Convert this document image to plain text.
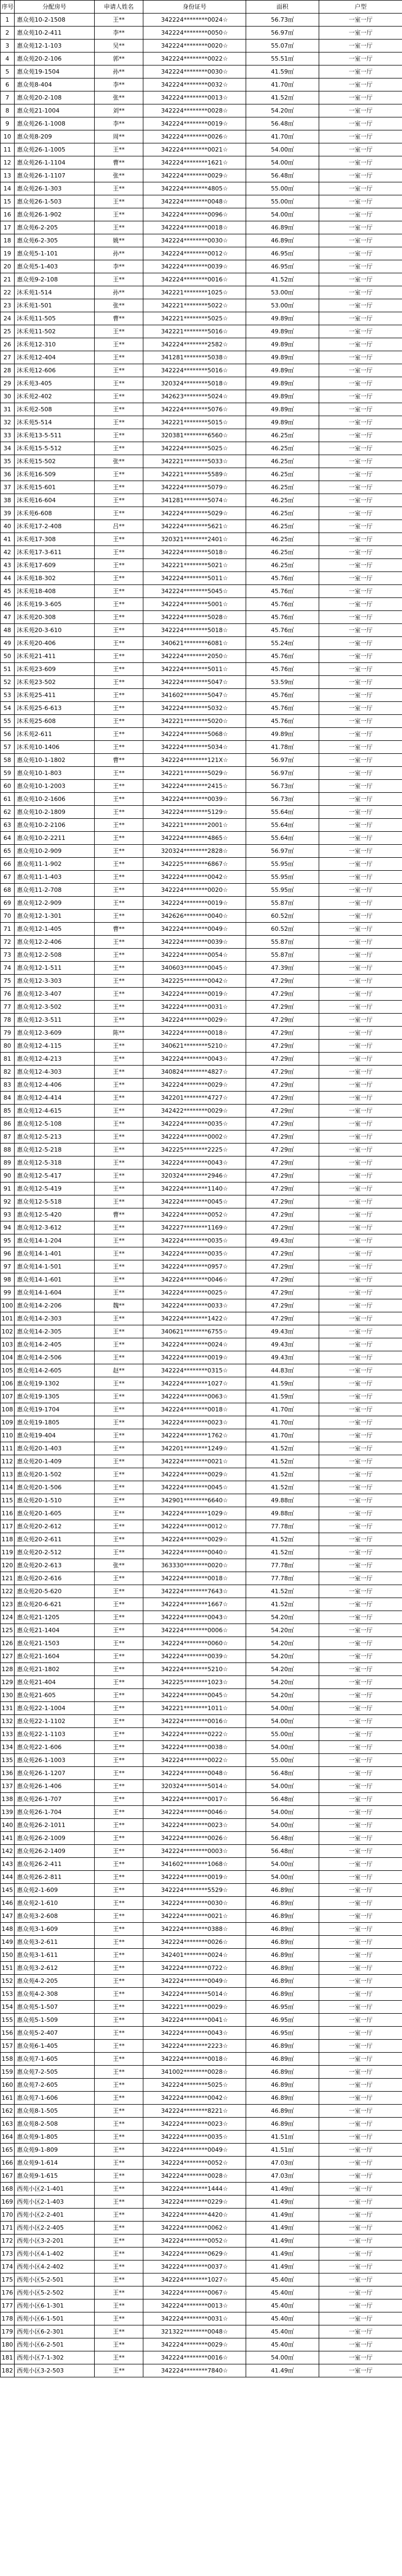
序号	分配房号	申请人姓名	身份证号	面积	户型
1	惠众苑10-2-1508	王**	342224********0024☆	56.73㎡	一室一厅
2	惠众苑10-2-411	李**	342224********0050☆	56.97㎡	一室一厅
3	惠众苑12-1-103	吴**	342224********0020☆	55.07㎡	一室一厅
4	惠众苑20-2-106	郭**	342224********0022☆	55.51㎡	一室一厅
5	惠众苑19-1504	孙**	342224********0030☆	41.59㎡	一室一厅
6	惠众苑8-404	李**	342224********0032☆	41.70㎡	一室一厅
7	惠众苑20-2-108	张**	342224********0013☆	41.52㎡	一室一厅
8	惠众苑21-1004	刘**	342224********0028☆	54.20㎡	一室一厅
9	惠众苑26-1-1008	李**	342224********0019☆	56.48㎡	一室一厅
10	惠众苑8-209	周**	342224********0026☆	41.70㎡	一室一厅
11	惠众苑26-1-1005	王**	342224********0021☆	54.00㎡	一室一厅
12	惠众苑26-1-1104	曹**	342224********1621☆	54.00㎡	一室一厅
13	惠众苑26-1-1107	张**	342224********0029☆	56.48㎡	一室一厅
14	惠众苑26-1-303	王**	342224********4805☆	55.00㎡	一室一厅
15	惠众苑26-1-503	王**	342224********0048☆	55.00㎡	一室一厅
16	惠众苑26-1-902	王**	342224********0096☆	54.00㎡	一室一厅
17	惠众苑6-2-205	王**	342224********0018☆	46.89㎡	一室一厅
18	惠众苑6-2-305	姚**	342224********0030☆	46.89㎡	一室一厅
19	惠众苑5-1-101	孙**	342224********0012☆	46.95㎡	一室一厅
20	惠众苑5-1-403	李**	342224********0039☆	46.95㎡	一室一厅
21	惠众苑9-2-108	王**	342224********0016☆	41.52㎡	一室一厅
22	沐禾苑1-514	孙**	342221********1025☆	53.00㎡	一室一厅
23	沐禾苑1-501	张**	342221********5022☆	53.00㎡	一室一厅
24	沐禾苑11-505	曹**	342221********5025☆	49.89㎡	一室一厅
25	沐禾苑11-502	王**	342221********5016☆	49.89㎡	一室一厅
26	沐禾苑12-310	王**	342224********2582☆	49.89㎡	一室一厅
27	沐禾苑12-404	王**	341281********5038☆	49.89㎡	一室一厅
28	沐禾苑12-606	王**	342224********5016☆	49.89㎡	一室一厅
29	沐禾苑3-405	王**	320324********5018☆	49.89㎡	一室一厅
30	沐禾苑2-402	王**	342623********5024☆	49.89㎡	一室一厅
31	沐禾苑2-508	王**	342224********5076☆	49.89㎡	一室一厅
32	沐禾苑5-514	王**	342221********5015☆	49.89㎡	一室一厅
33	沐禾苑13-5-511	王**	320381********6560☆	46.25㎡	一室一厅
34	沐禾苑15-5-512	王**	342224********5025☆	46.25㎡	一室一厅
35	沐禾苑15-502	张**	342221********5033☆	46.25㎡	一室一厅
36	沐禾苑16-509	王**	342221********5589☆	46.25㎡	一室一厅
37	沐禾苑15-601	王**	342224********5079☆	46.25㎡	一室一厅
38	沐禾苑16-604	王**	341281********5074☆	46.25㎡	一室一厅
39	沐禾苑6-608	王**	342224********5029☆	46.25㎡	一室一厅
40	沐禾苑17-2-408	吕**	342224********5621☆	46.25㎡	一室一厅
41	沐禾苑17-308	王**	320321********2401☆	46.25㎡	一室一厅
42	沐禾苑17-3-611	王**	342224********5018☆	46.25㎡	一室一厅
43	沐禾苑17-609	王**	342221********5021☆	46.25㎡	一室一厅
44	沐禾苑18-302	王**	342224********5011☆	45.76㎡	一室一厅
45	沐禾苑18-408	王**	342224********5045☆	45.76㎡	一室一厅
46	沐禾苑19-3-605	王**	342224********5001☆	45.76㎡	一室一厅
47	沐禾苑20-308	王**	342224********5028☆	45.76㎡	一室一厅
48	沐禾苑20-3-610	王**	342224********5018☆	45.76㎡	一室一厅
49	沐禾苑20-406	王**	340621********6081☆	55.24㎡	一室一厅
50	沐禾苑21-411	王**	342224********2050☆	45.76㎡	一室一厅
51	沐禾苑23-609	王**	342224********5011☆	45.76㎡	一室一厅
52	沐禾苑23-502	王**	342224********5047☆	53.59㎡	一室一厅
53	沐禾苑25-411	王**	341602********5047☆	45.76㎡	一室一厅
54	沐禾苑25-6-613	王**	342224********5032☆	45.76㎡	一室一厅
55	沐禾苑25-608	王**	342221********5020☆	45.76㎡	一室一厅
56	沐禾苑2-611	王**	342224********5068☆	49.89㎡	一室一厅
57	沐禾苑10-1406	王**	342224********5034☆	41.78㎡	一室一厅
58	惠众苑10-1-1802	曹**	342224********121X☆	56.97㎡	一室一厅
59	惠众苑10-1-803	王**	342221********5029☆	56.97㎡	一室一厅
60	惠众苑10-1-2003	王**	342224********2415☆	56.73㎡	一室一厅
61	惠众苑10-2-1606	王**	342224********0039☆	56.73㎡	一室一厅
62	惠众苑10-2-1809	王**	342224********5129☆	55.64㎡	一室一厅
63	惠众苑10-2-2106	王**	342221********2001☆	55.64㎡	一室一厅
64	惠众苑10-2-2211	王**	342224********4865☆	55.64㎡	一室一厅
65	惠众苑10-2-909	王**	320324********2828☆	56.97㎡	一室一厅
66	惠众苑11-1-902	王**	342225********6867☆	55.95㎡	一室一厅
67	惠众苑11-1-403	王**	342224********0042☆	55.95㎡	一室一厅
68	惠众苑11-2-708	王**	342224********0020☆	55.95㎡	一室一厅
69	惠众苑12-2-909	王**	342224********0019☆	55.87㎡	一室一厅
70	惠众苑12-1-301	王**	342626********0040☆	60.52㎡	一室一厅
71	惠众苑12-1-405	曹**	342224********0049☆	60.52㎡	一室一厅
72	惠众苑12-2-406	王**	342224********0039☆	55.87㎡	一室一厅
73	惠众苑12-2-508	王**	342224********0054☆	55.87㎡	一室一厅
74	惠众苑12-1-511	王**	340603********0045☆	47.39㎡	一室一厅
75	惠众苑12-3-303	王**	342225********0042☆	47.29㎡	一室一厅
76	惠众苑12-3-407	王**	342224********0019☆	47.29㎡	一室一厅
77	惠众苑12-3-502	王**	342224********0031☆	47.29㎡	一室一厅
78	惠众苑12-3-511	王**	342224********0029☆	47.29㎡	一室一厅
79	惠众苑12-3-609	陈**	342224********0018☆	47.29㎡	一室一厅
80	惠众苑12-4-115	王**	340621********5210☆	47.29㎡	一室一厅
81	惠众苑12-4-213	王**	342224********0043☆	47.29㎡	一室一厅
82	惠众苑12-4-303	王**	340824********4827☆	47.29㎡	一室一厅
83	惠众苑12-4-406	王**	342224********0029☆	47.29㎡	一室一厅
84	惠众苑12-4-414	王**	342201********4727☆	47.29㎡	一室一厅
85	惠众苑12-4-615	王**	342422********0029☆	47.29㎡	一室一厅
86	惠众苑12-5-108	王**	342224********0035☆	47.29㎡	一室一厅
87	惠众苑12-5-213	王**	342224********0002☆	47.29㎡	一室一厅
88	惠众苑12-5-218	王**	342225********2225☆	47.29㎡	一室一厅
89	惠众苑12-5-318	王**	342224********0043☆	47.29㎡	一室一厅
90	惠众苑12-5-417	王**	320324********2946☆	47.29㎡	一室一厅
91	惠众苑12-5-419	王**	342224********1140☆	47.29㎡	一室一厅
92	惠众苑12-5-518	王**	342224********0045☆	47.29㎡	一室一厅
93	惠众苑12-5-420	曹**	342224********0052☆	47.29㎡	一室一厅
94	惠众苑12-3-612	王**	342227********1169☆	47.29㎡	一室一厅
95	惠众苑14-1-204	王**	342224********0035☆	49.43㎡	一室一厅
96	惠众苑14-1-401	王**	342224********0035☆	47.29㎡	一室一厅
97	惠众苑14-1-501	王**	342224********0957☆	47.29㎡	一室一厅
98	惠众苑14-1-601	王**	342224********0046☆	47.29㎡	一室一厅
99	惠众苑14-1-604	王**	342224********0025☆	47.29㎡	一室一厅
100	惠众苑14-2-206	魏**	342224********0033☆	47.29㎡	一室一厅
101	惠众苑14-2-303	王**	342224********1422☆	47.29㎡	一室一厅
102	惠众苑14-2-305	王**	340621********6755☆	49.43㎡	一室一厅
103	惠众苑14-2-405	王**	342224********0024☆	49.43㎡	一室一厅
104	惠众苑14-2-506	王**	342224********0019☆	49.43㎡	一室一厅
105	惠众苑14-2-605	赵**	342224********0315☆	44.83㎡	一室一厅
106	惠众苑19-1302	王**	342224********1027☆	41.59㎡	一室一厅
107	惠众苑19-1305	王**	342224********0063☆	41.59㎡	一室一厅
108	惠众苑19-1704	王**	342224********0018☆	41.70㎡	一室一厅
109	惠众苑19-1805	王**	342224********0023☆	41.70㎡	一室一厅
110	惠众苑19-404	王**	342224********1762☆	41.70㎡	一室一厅
111	惠众苑20-1-403	王**	342201********1249☆	41.52㎡	一室一厅
112	惠众苑20-1-409	王**	342224********0021☆	41.52㎡	一室一厅
113	惠众苑20-1-502	王**	342224********0029☆	41.52㎡	一室一厅
114	惠众苑20-1-506	王**	342224********0045☆	41.52㎡	一室一厅
115	惠众苑20-1-510	王**	342901********6640☆	49.88㎡	一室一厅
116	惠众苑20-1-605	王**	342224********1029☆	49.88㎡	一室一厅
117	惠众苑20-2-612	王**	342224********0012☆	77.78㎡	一室一厅
118	惠众苑20-2-611	王**	342224********0029☆	41.52㎡	一室一厅
119	惠众苑20-2-512	王**	342224********0040☆	41.52㎡	一室一厅
120	惠众苑20-2-613	张**	363330********0020☆	77.78㎡	一室一厅
121	惠众苑20-2-616	王**	342224********0018☆	77.78㎡	一室一厅
122	惠众苑20-5-620	王**	342224********7643☆	41.52㎡	一室一厅
123	惠众苑20-6-621	王**	342224********1667☆	41.52㎡	一室一厅
124	惠众苑21-1205	王**	342224********0043☆	54.20㎡	一室一厅
125	惠众苑21-1404	王**	342224********0006☆	54.20㎡	一室一厅
126	惠众苑21-1503	王**	342224********0060☆	54.20㎡	一室一厅
127	惠众苑21-1604	王**	342224********0039☆	54.20㎡	一室一厅
128	惠众苑21-1802	王**	342224********5210☆	54.20㎡	一室一厅
129	惠众苑21-404	王**	342225********1023☆	54.20㎡	一室一厅
130	惠众苑21-605	王**	342224********0045☆	54.20㎡	一室一厅
131	惠众苑22-1-1004	王**	342221********1011☆	54.00㎡	一室一厅
132	惠众苑22-1-1102	王**	342224********0016☆	54.00㎡	一室一厅
133	惠众苑22-1-1103	王**	342224********0222☆	55.00㎡	一室一厅
134	惠众苑22-1-606	王**	342224********0038☆	54.00㎡	一室一厅
135	惠众苑26-1-1003	王**	342224********0022☆	55.00㎡	一室一厅
136	惠众苑26-1-1207	王**	342224********0048☆	56.48㎡	一室一厅
137	惠众苑26-1-406	王**	320324********5014☆	54.00㎡	一室一厅
138	惠众苑26-1-707	王**	342224********0017☆	56.48㎡	一室一厅
139	惠众苑26-1-704	王**	342224********0046☆	54.00㎡	一室一厅
140	惠众苑26-2-1011	王**	342224********0023☆	54.00㎡	一室一厅
141	惠众苑26-2-1009	王**	342224********0026☆	56.48㎡	一室一厅
142	惠众苑26-2-1409	王**	342224********0003☆	56.48㎡	一室一厅
143	惠众苑26-2-411	王**	341602********1068☆	54.00㎡	一室一厅
144	惠众苑26-2-811	王**	342224********0019☆	54.00㎡	一室一厅
145	惠众苑2-1-609	王**	342224********5529☆	46.89㎡	一室一厅
146	惠众苑2-1-610	王**	342224********0030☆	46.89㎡	一室一厅
147	惠众苑3-2-608	王**	342224********0021☆	46.89㎡	一室一厅
148	惠众苑3-1-609	王**	342224********0388☆	46.89㎡	一室一厅
149	惠众苑3-2-611	王**	342224********0026☆	46.89㎡	一室一厅
150	惠众苑3-1-611	王**	342401********0024☆	46.89㎡	一室一厅
151	惠众苑3-2-612	王**	342224********0722☆	46.89㎡	一室一厅
152	惠众苑4-2-205	王**	342224********0049☆	46.89㎡	一室一厅
153	惠众苑4-2-308	王**	342224********5014☆	46.89㎡	一室一厅
154	惠众苑5-1-507	王**	342221********0029☆	46.95㎡	一室一厅
155	惠众苑5-1-509	王**	342224********0041☆	46.95㎡	一室一厅
156	惠众苑5-2-407	王**	342224********0043☆	46.95㎡	一室一厅
157	惠众苑6-1-405	王**	342224********2223☆	46.89㎡	一室一厅
158	惠众苑7-1-605	王**	342224********0018☆	46.89㎡	一室一厅
159	惠众苑7-2-505	王**	341002********0028☆	46.89㎡	一室一厅
160	惠众苑7-2-605	王**	342224********5025☆	46.89㎡	一室一厅
161	惠众苑7-1-606	王**	342224********0042☆	46.89㎡	一室一厅
162	惠众苑8-1-505	王**	342224********8221☆	46.89㎡	一室一厅
163	惠众苑8-2-508	王**	342224********0023☆	46.89㎡	一室一厅
164	惠众苑9-1-805	王**	342224********0035☆	41.51㎡	一室一厅
165	惠众苑9-1-809	王**	342224********0049☆	41.51㎡	一室一厅
166	惠众苑9-1-614	王**	342224********0052☆	47.03㎡	一室一厅
167	惠众苑9-1-615	王**	342224********0028☆	47.03㎡	一室一厅
168	西苑小区2-1-401	王**	342224********1444☆	41.49㎡	一室一厅
169	西苑小区2-1-403	王**	342224********0229☆	41.49㎡	一室一厅
170	西苑小区2-2-401	王**	342224********4420☆	41.49㎡	一室一厅
171	西苑小区2-2-405	王**	342224********0062☆	41.49㎡	一室一厅
172	西苑小区3-2-201	王**	342224********0052☆	41.49㎡	一室一厅
173	西苑小区4-1-402	王**	342224********0629☆	41.49㎡	一室一厅
174	西苑小区4-2-402	王**	342224********0037☆	41.49㎡	一室一厅
175	西苑小区5-2-501	王**	342224********1027☆	45.40㎡	一室一厅
176	西苑小区5-2-502	王**	342224********0067☆	45.40㎡	一室一厅
177	西苑小区6-1-301	王**	342224********0013☆	45.40㎡	一室一厅
178	西苑小区6-1-501	王**	342224********0031☆	45.40㎡	一室一厅
179	西苑小区6-2-301	王**	321322********0048☆	45.40㎡	一室一厅
180	西苑小区6-2-501	王**	342224********0029☆	45.40㎡	一室一厅
181	西苑小区7-1-302	王**	342224********0016☆	54.00㎡	一室一厅
182	西苑小区3-2-503	王**	342224********7840☆	41.49㎡	一室一厅
